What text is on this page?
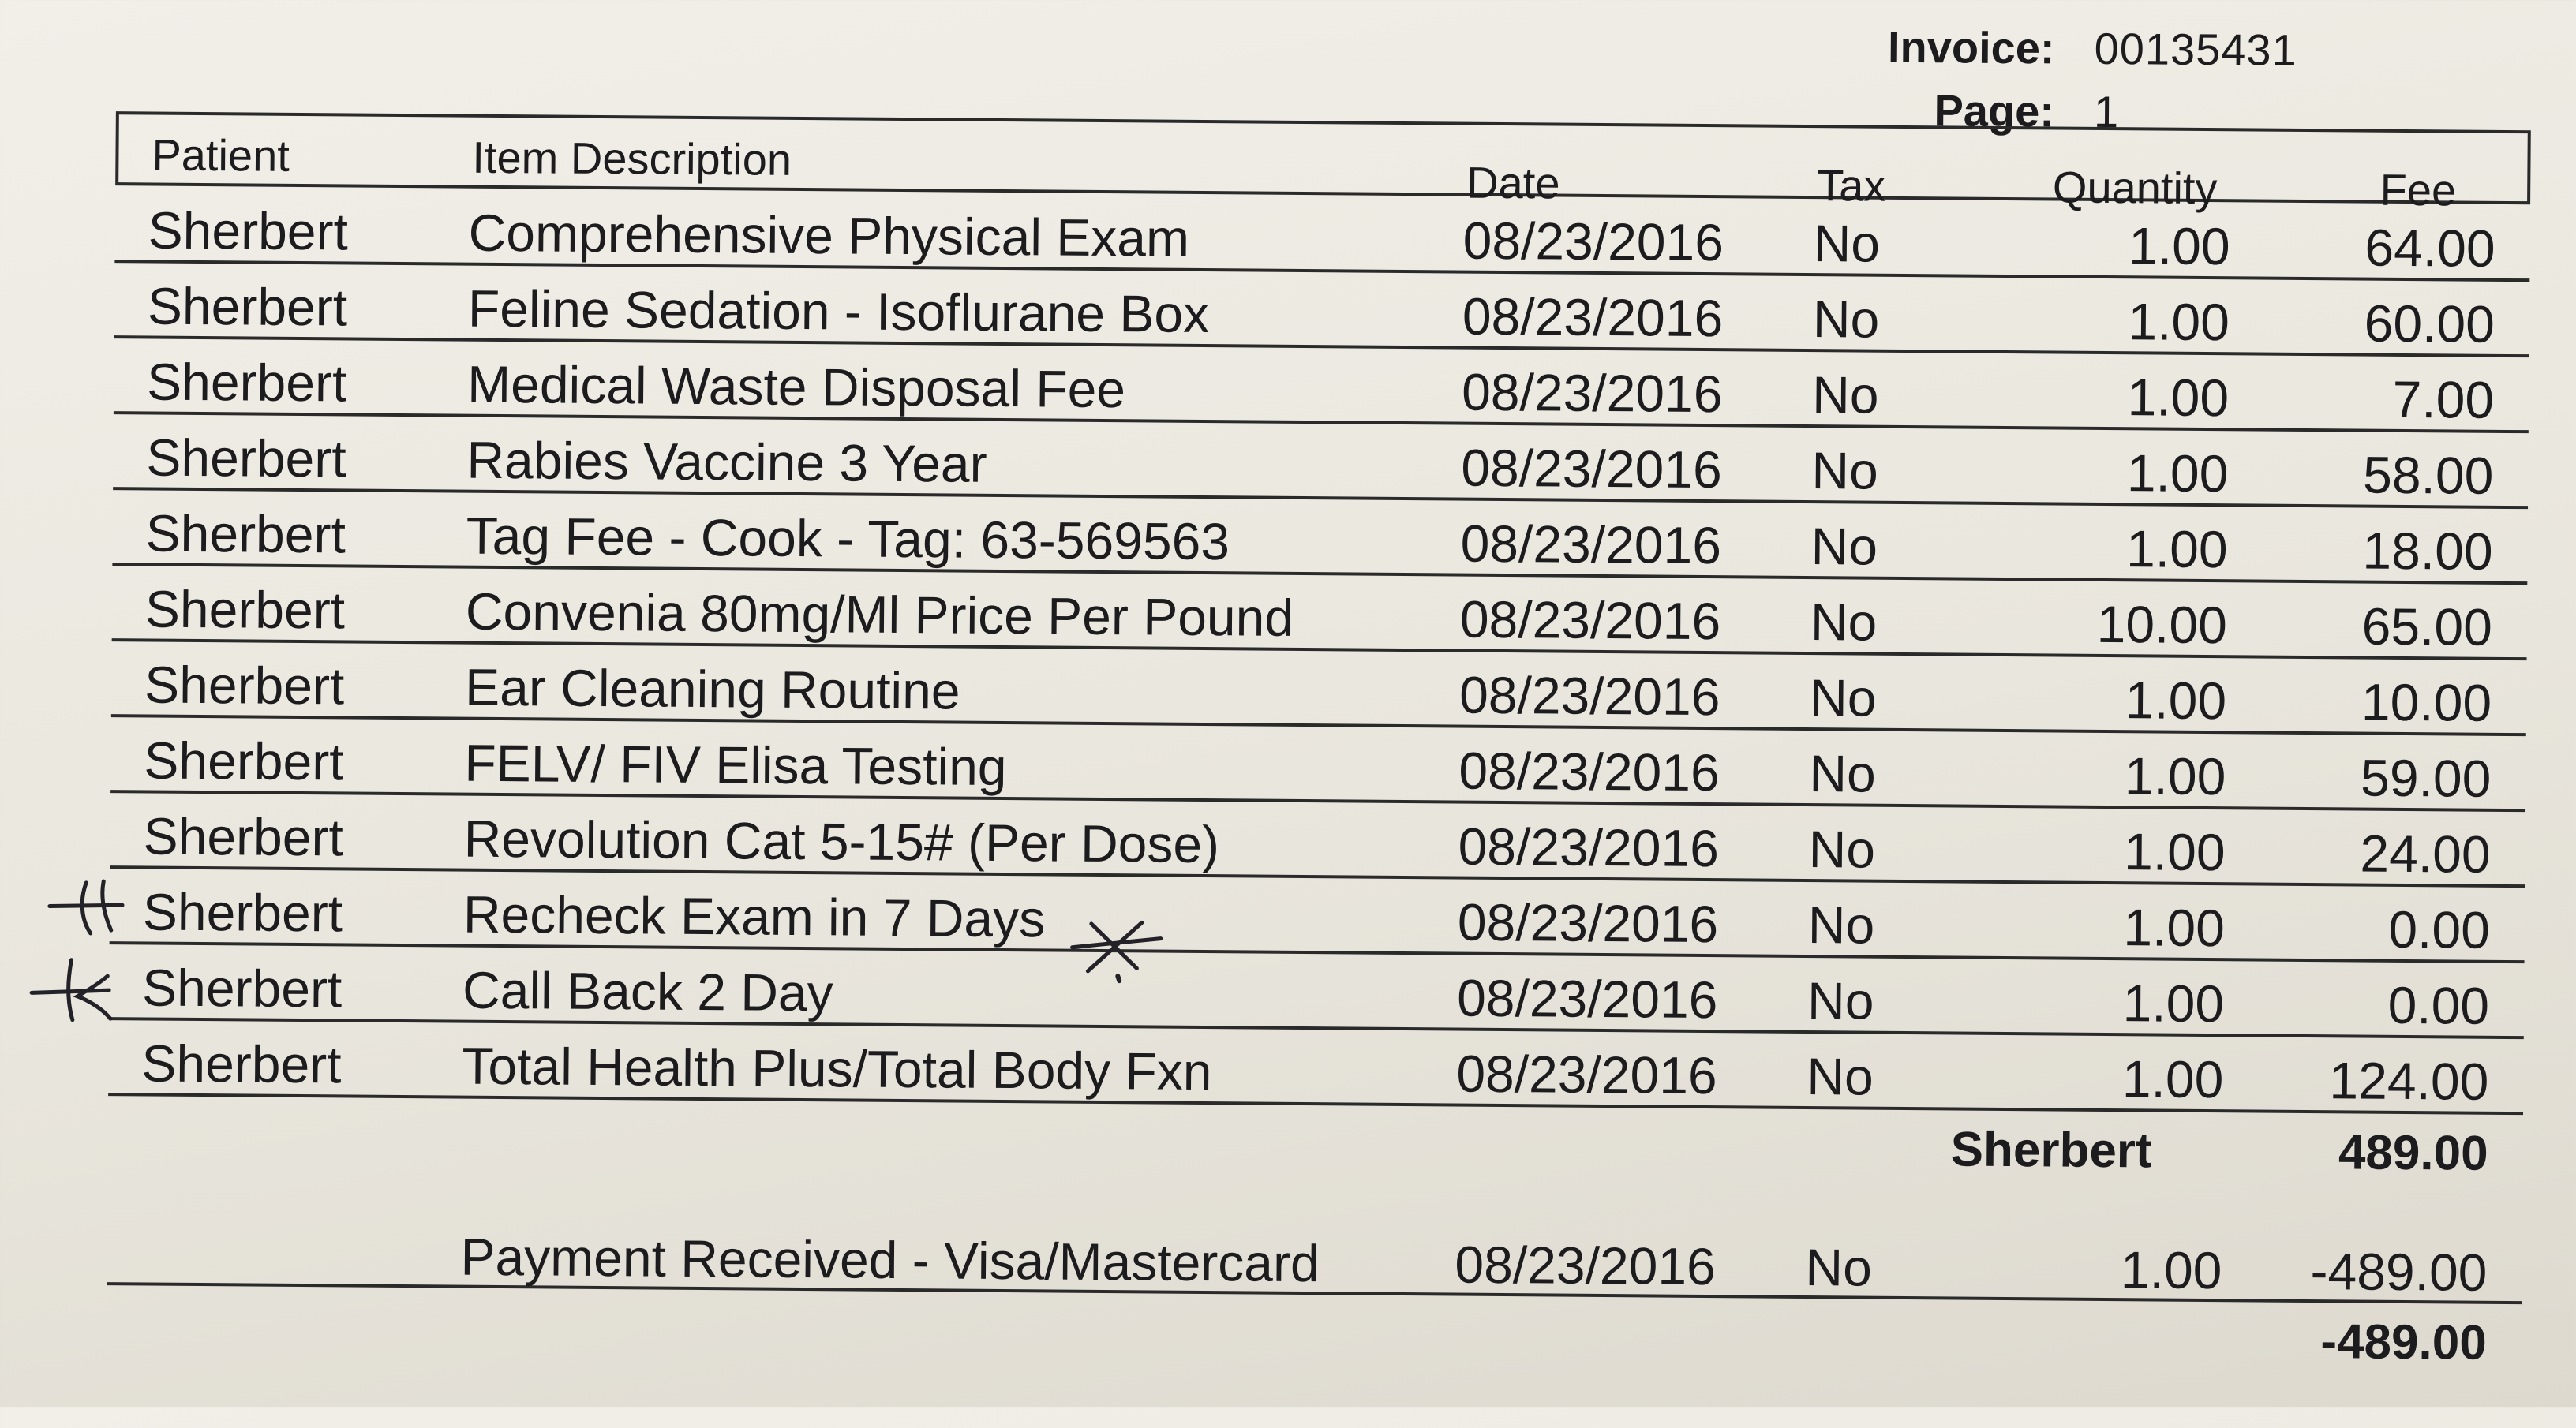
Invoice: 00135431
Page: 1
Patient	Item Description	Date	Tax	Quantity	Fee
Sherbert Comprehensive Physical Exam	08/23/2016 No	1.00	64.00
Sherbert Feline Sedation - Isoflurane Box	08/23/2016 No	1.00	60.00
Sherbert Medical Waste Disposal Fee	08/23/2016 No	1.00	7.00
Sherbert Rabies Vaccine 3 Year	08/23/2016 No	1.00	58.00
Sherbert Tag Fee - Cook - Tag: 63-569563	08/23/2016 No	1.00	18.00
Sherbert Convenia 80mg/Ml Price Per Pound	08/23/2016 No	10.00	65.00
Sherbert Ear Cleaning Routine	08/23/2016 No	1.00	10.00
Sherbert FELV/ FIV Elisa Testing	08/23/2016 No	1.00	59.00
Sherbert Revolution Cat 5-15# (Per Dose)	08/23/2016 No	1.00	24.00
Sherbert Recheck Exam in 7 Days	08/23/2016 No	1.00	0.00
Sherbert Call Back 2 Day	08/23/2016 No	1.00	0.00
Sherbert Total Health Plus/Total Body Fxn	08/23/2016 No	1.00	124.00
Sherbert	489.00
Payment Received - Visa/Mastercard	08/23/2016 No	1.00	-489.00
-489.00
